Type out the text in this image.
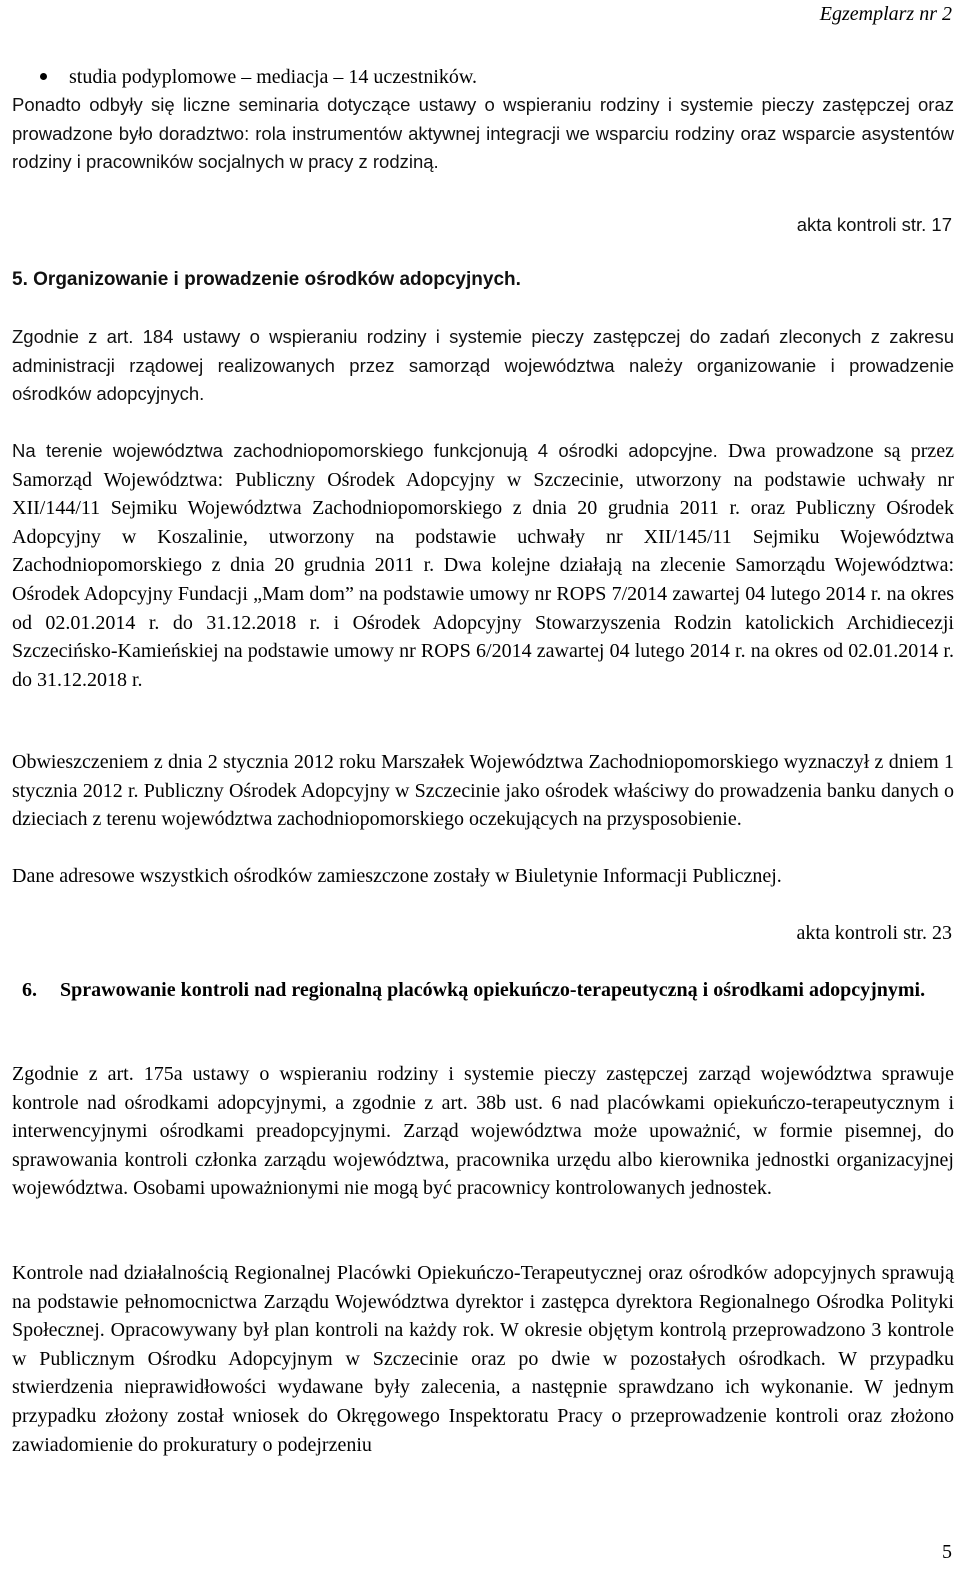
Egzemplarz nr 2
studia podyplomowe – mediacja – 14 uczestników.

Ponadto odbyły się liczne seminaria dotyczące ustawy o wspieraniu rodziny i systemie pieczy zastępczej oraz prowadzone było doradztwo: rola instrumentów aktywnej integracji we wsparciu rodziny oraz wsparcie asystentów rodziny i pracowników socjalnych w pracy z rodziną.

akta kontroli str. 17
5. Organizowanie i prowadzenie ośrodków adopcyjnych.

Zgodnie z art. 184 ustawy o wspieraniu rodziny i systemie pieczy zastępczej do zadań zleconych z zakresu administracji rządowej realizowanych przez samorząd województwa należy organizowanie i prowadzenie ośrodków adopcyjnych.

Na terenie województwa zachodniopomorskiego funkcjonują 4 ośrodki adopcyjne. Dwa prowadzone są przez Samorząd Województwa: Publiczny Ośrodek Adopcyjny w Szczecinie, utworzony na podstawie uchwały nr XII/144/11 Sejmiku Województwa Zachodniopomorskiego z dnia 20 grudnia 2011 r. oraz Publiczny Ośrodek Adopcyjny w Koszalinie, utworzony na podstawie uchwały nr XII/145/11 Sejmiku Województwa Zachodniopomorskiego z dnia 20 grudnia 2011 r. Dwa kolejne działają na zlecenie Samorządu Województwa: Ośrodek Adopcyjny Fundacji „Mam dom” na podstawie umowy nr ROPS 7/2014 zawartej 04 lutego 2014 r. na okres od 02.01.2014 r. do 31.12.2018 r. i Ośrodek Adopcyjny Stowarzyszenia Rodzin katolickich Archidiecezji Szczecińsko-Kamieńskiej na podstawie umowy nr ROPS 6/2014 zawartej 04 lutego 2014 r. na okres od 02.01.2014 r. do 31.12.2018 r.

Obwieszczeniem z dnia 2 stycznia 2012 roku Marszałek Województwa Zachodniopomorskiego wyznaczył z dniem 1 stycznia 2012 r. Publiczny Ośrodek Adopcyjny w Szczecinie jako ośrodek właściwy do prowadzenia banku danych o dzieciach z terenu województwa zachodniopomorskiego oczekujących na przysposobienie.

Dane adresowe wszystkich ośrodków zamieszczone zostały w Biuletynie Informacji Publicznej.

akta kontroli str. 23
6. Sprawowanie kontroli nad regionalną placówką opiekuńczo-terapeutyczną i ośrodkami adopcyjnymi.

Zgodnie z art. 175a ustawy o wspieraniu rodziny i systemie pieczy zastępczej zarząd województwa sprawuje kontrole nad ośrodkami adopcyjnymi, a zgodnie z art. 38b ust. 6 nad placówkami opiekuńczo-terapeutycznym i interwencyjnymi ośrodkami preadopcyjnymi. Zarząd województwa może upoważnić, w formie pisemnej, do sprawowania kontroli członka zarządu województwa, pracownika urzędu albo kierownika jednostki organizacyjnej województwa. Osobami upoważnionymi nie mogą być pracownicy kontrolowanych jednostek.

Kontrole nad działalnością Regionalnej Placówki Opiekuńczo-Terapeutycznej oraz ośrodków adopcyjnych sprawują na podstawie pełnomocnictwa Zarządu Województwa dyrektor i zastępca dyrektora Regionalnego Ośrodka Polityki Społecznej. Opracowywany był plan kontroli na każdy rok. W okresie objętym kontrolą przeprowadzono 3 kontrole w Publicznym Ośrodku Adopcyjnym w Szczecinie oraz po dwie w pozostałych ośrodkach. W przypadku stwierdzenia nieprawidłowości wydawane były zalecenia, a następnie sprawdzano ich wykonanie. W jednym przypadku złożony został wniosek do Okręgowego Inspektoratu Pracy o przeprowadzenie kontroli oraz złożono zawiadomienie do prokuratury o podejrzeniu

5
